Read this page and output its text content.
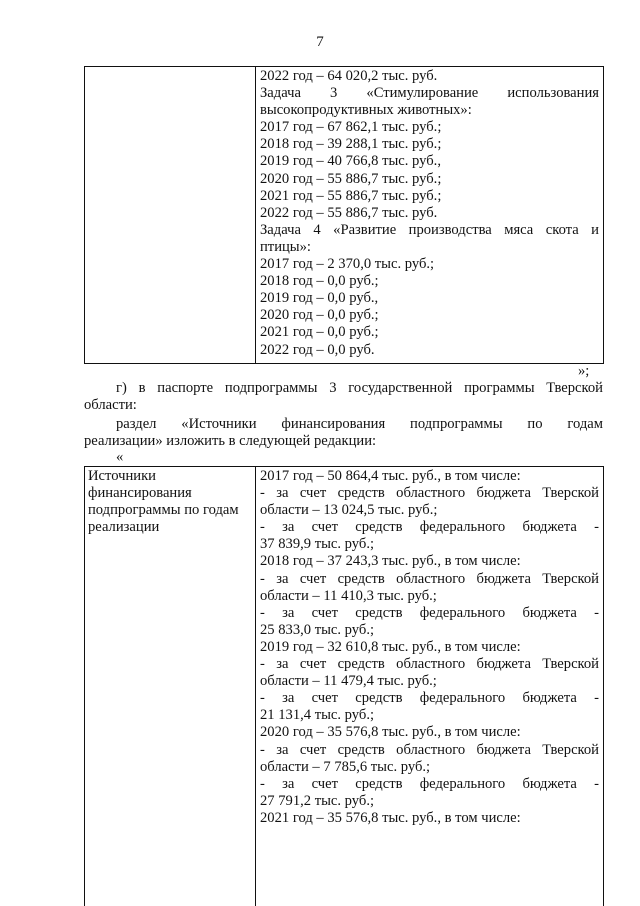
7
2022 год – 64 020,2 тыс. руб.
Задача 3 «Стимулирование использования
высокопродуктивных животных»:
2017 год – 67 862,1 тыс. руб.;
2018 год – 39 288,1 тыс. руб.;
2019 год – 40 766,8 тыс. руб.,
2020 год – 55 886,7 тыс. руб.;
2021 год – 55 886,7 тыс. руб.;
2022 год – 55 886,7 тыс. руб.
Задача 4 «Развитие производства мяса скота и
птицы»:
2017 год – 2 370,0 тыс. руб.;
2018 год – 0,0 руб.;
2019 год – 0,0 руб.,
2020 год – 0,0 руб.;
2021 год – 0,0 руб.;
2022 год – 0,0 руб.
»;
г) в паспорте подпрограммы 3 государственной программы Тверской
области:
раздел «Источники финансирования подпрограммы по годам
реализации» изложить в следующей редакции:
«
Источники
финансирования
подпрограммы по годам
реализации
2017 год – 50 864,4 тыс. руб., в том числе:
- за счет средств областного бюджета Тверской
области – 13 024,5 тыс. руб.;
- за счет средств федерального бюджета -
37 839,9 тыс. руб.;
2018 год – 37 243,3 тыс. руб., в том числе:
- за счет средств областного бюджета Тверской
области – 11 410,3 тыс. руб.;
- за счет средств федерального бюджета -
25 833,0 тыс. руб.;
2019 год – 32 610,8 тыс. руб., в том числе:
- за счет средств областного бюджета Тверской
области – 11 479,4 тыс. руб.;
- за счет средств федерального бюджета -
21 131,4 тыс. руб.;
2020 год – 35 576,8 тыс. руб., в том числе:
- за счет средств областного бюджета Тверской
области – 7 785,6 тыс. руб.;
- за счет средств федерального бюджета -
27 791,2 тыс. руб.;
2021 год – 35 576,8 тыс. руб., в том числе:
